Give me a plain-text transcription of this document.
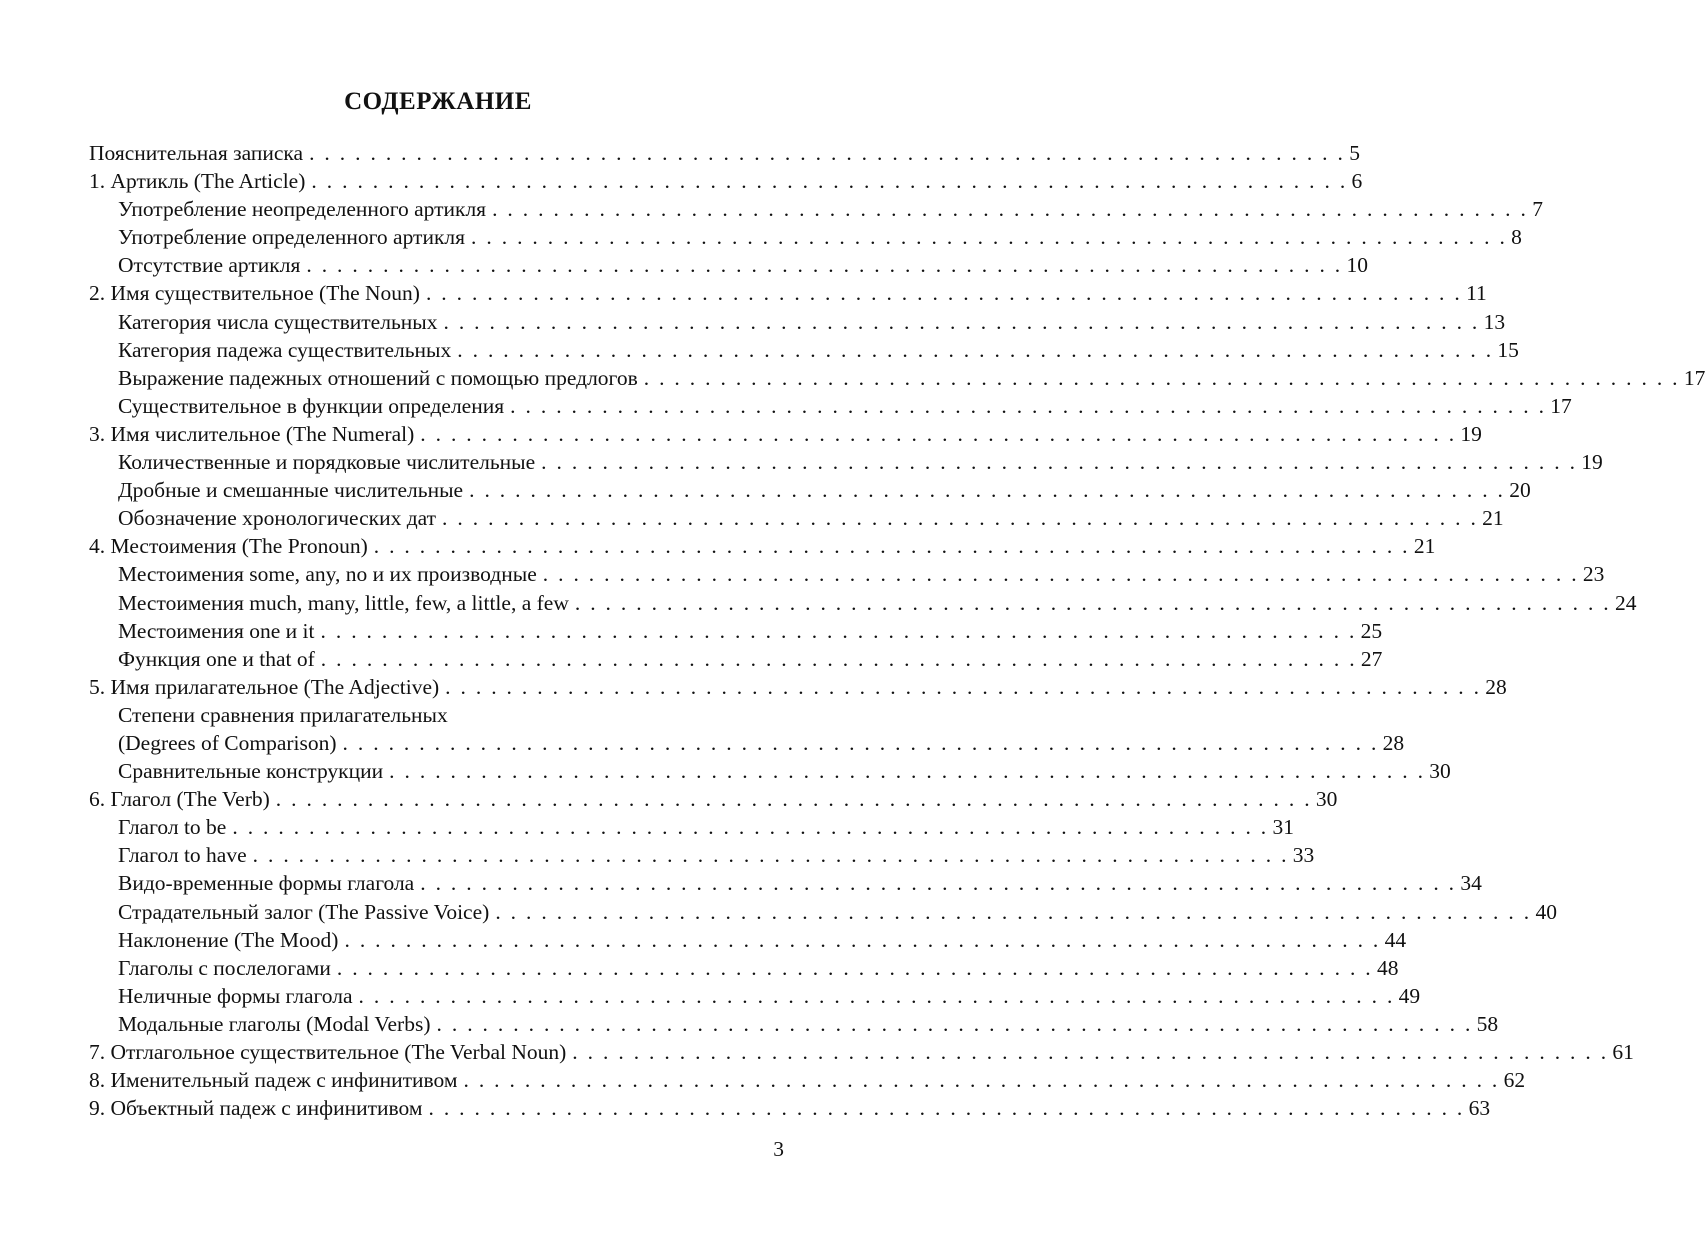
СОДЕРЖАНИЕ
Пояснительная записка . . . . . . . . . . . . . . . . . . . . . . . . . . . . . . . . . . . . . . . . . . . . . . . . . . . . . . . . . . . . . . . . . . . . 5
1. Артикль (The Article) . . . . . . . . . . . . . . . . . . . . . . . . . . . . . . . . . . . . . . . . . . . . . . . . . . . . . . . . . . . . . . . . . . . . 6
Употребление неопределенного артикля . . . . . . . . . . . . . . . . . . . . . . . . . . . . . . . . . . . . . . . . . . . . . . . . . . . . . . . . . . . . . . . . . . . . 7
Употребление определенного артикля . . . . . . . . . . . . . . . . . . . . . . . . . . . . . . . . . . . . . . . . . . . . . . . . . . . . . . . . . . . . . . . . . . . . 8
Отсутствие артикля . . . . . . . . . . . . . . . . . . . . . . . . . . . . . . . . . . . . . . . . . . . . . . . . . . . . . . . . . . . . . . . . . . . . 10
2. Имя существительное (The Noun) . . . . . . . . . . . . . . . . . . . . . . . . . . . . . . . . . . . . . . . . . . . . . . . . . . . . . . . . . . . . . . . . . . . . 11
Категория числа существительных . . . . . . . . . . . . . . . . . . . . . . . . . . . . . . . . . . . . . . . . . . . . . . . . . . . . . . . . . . . . . . . . . . . . 13
Категория падежа существительных . . . . . . . . . . . . . . . . . . . . . . . . . . . . . . . . . . . . . . . . . . . . . . . . . . . . . . . . . . . . . . . . . . . . 15
Выражение падежных отношений с помощью предлогов . . . . . . . . . . . . . . . . . . . . . . . . . . . . . . . . . . . . . . . . . . . . . . . . . . . . . . . . . . . . . . . . . . . . 17
Существительное в функции определения . . . . . . . . . . . . . . . . . . . . . . . . . . . . . . . . . . . . . . . . . . . . . . . . . . . . . . . . . . . . . . . . . . . . 17
3. Имя числительное (The Numeral) . . . . . . . . . . . . . . . . . . . . . . . . . . . . . . . . . . . . . . . . . . . . . . . . . . . . . . . . . . . . . . . . . . . . 19
Количественные и порядковые числительные . . . . . . . . . . . . . . . . . . . . . . . . . . . . . . . . . . . . . . . . . . . . . . . . . . . . . . . . . . . . . . . . . . . . 19
Дробные и смешанные числительные . . . . . . . . . . . . . . . . . . . . . . . . . . . . . . . . . . . . . . . . . . . . . . . . . . . . . . . . . . . . . . . . . . . . 20
Обозначение хронологических дат . . . . . . . . . . . . . . . . . . . . . . . . . . . . . . . . . . . . . . . . . . . . . . . . . . . . . . . . . . . . . . . . . . . . 21
4. Местоимения (The Pronoun) . . . . . . . . . . . . . . . . . . . . . . . . . . . . . . . . . . . . . . . . . . . . . . . . . . . . . . . . . . . . . . . . . . . . 21
Местоимения some, any, no и их производные . . . . . . . . . . . . . . . . . . . . . . . . . . . . . . . . . . . . . . . . . . . . . . . . . . . . . . . . . . . . . . . . . . . . 23
Местоимения much, many, little, few, a little, a few . . . . . . . . . . . . . . . . . . . . . . . . . . . . . . . . . . . . . . . . . . . . . . . . . . . . . . . . . . . . . . . . . . . . 24
Местоимения one и it . . . . . . . . . . . . . . . . . . . . . . . . . . . . . . . . . . . . . . . . . . . . . . . . . . . . . . . . . . . . . . . . . . . . 25
Функция one и that of . . . . . . . . . . . . . . . . . . . . . . . . . . . . . . . . . . . . . . . . . . . . . . . . . . . . . . . . . . . . . . . . . . . . 27
5. Имя прилагательное (The Adjective) . . . . . . . . . . . . . . . . . . . . . . . . . . . . . . . . . . . . . . . . . . . . . . . . . . . . . . . . . . . . . . . . . . . . 28
Степени сравнения прилагательных
(Degrees of Comparison) . . . . . . . . . . . . . . . . . . . . . . . . . . . . . . . . . . . . . . . . . . . . . . . . . . . . . . . . . . . . . . . . . . . . 28
Сравнительные конструкции . . . . . . . . . . . . . . . . . . . . . . . . . . . . . . . . . . . . . . . . . . . . . . . . . . . . . . . . . . . . . . . . . . . . 30
6. Глагол (The Verb) . . . . . . . . . . . . . . . . . . . . . . . . . . . . . . . . . . . . . . . . . . . . . . . . . . . . . . . . . . . . . . . . . . . . 30
Глагол to be . . . . . . . . . . . . . . . . . . . . . . . . . . . . . . . . . . . . . . . . . . . . . . . . . . . . . . . . . . . . . . . . . . . . 31
Глагол to have . . . . . . . . . . . . . . . . . . . . . . . . . . . . . . . . . . . . . . . . . . . . . . . . . . . . . . . . . . . . . . . . . . . . 33
Видо-временные формы глагола . . . . . . . . . . . . . . . . . . . . . . . . . . . . . . . . . . . . . . . . . . . . . . . . . . . . . . . . . . . . . . . . . . . . 34
Страдательный залог (The Passive Voice) . . . . . . . . . . . . . . . . . . . . . . . . . . . . . . . . . . . . . . . . . . . . . . . . . . . . . . . . . . . . . . . . . . . . 40
Наклонение (The Mood) . . . . . . . . . . . . . . . . . . . . . . . . . . . . . . . . . . . . . . . . . . . . . . . . . . . . . . . . . . . . . . . . . . . . 44
Глаголы с послелогами . . . . . . . . . . . . . . . . . . . . . . . . . . . . . . . . . . . . . . . . . . . . . . . . . . . . . . . . . . . . . . . . . . . . 48
Неличные формы глагола . . . . . . . . . . . . . . . . . . . . . . . . . . . . . . . . . . . . . . . . . . . . . . . . . . . . . . . . . . . . . . . . . . . . 49
Модальные глаголы (Modal Verbs) . . . . . . . . . . . . . . . . . . . . . . . . . . . . . . . . . . . . . . . . . . . . . . . . . . . . . . . . . . . . . . . . . . . . 58
7. Отглагольное существительное (The Verbal Noun) . . . . . . . . . . . . . . . . . . . . . . . . . . . . . . . . . . . . . . . . . . . . . . . . . . . . . . . . . . . . . . . . . . . . 61
8. Именительный падеж с инфинитивом . . . . . . . . . . . . . . . . . . . . . . . . . . . . . . . . . . . . . . . . . . . . . . . . . . . . . . . . . . . . . . . . . . . . 62
9. Объектный падеж с инфинитивом . . . . . . . . . . . . . . . . . . . . . . . . . . . . . . . . . . . . . . . . . . . . . . . . . . . . . . . . . . . . . . . . . . . . 63
3
